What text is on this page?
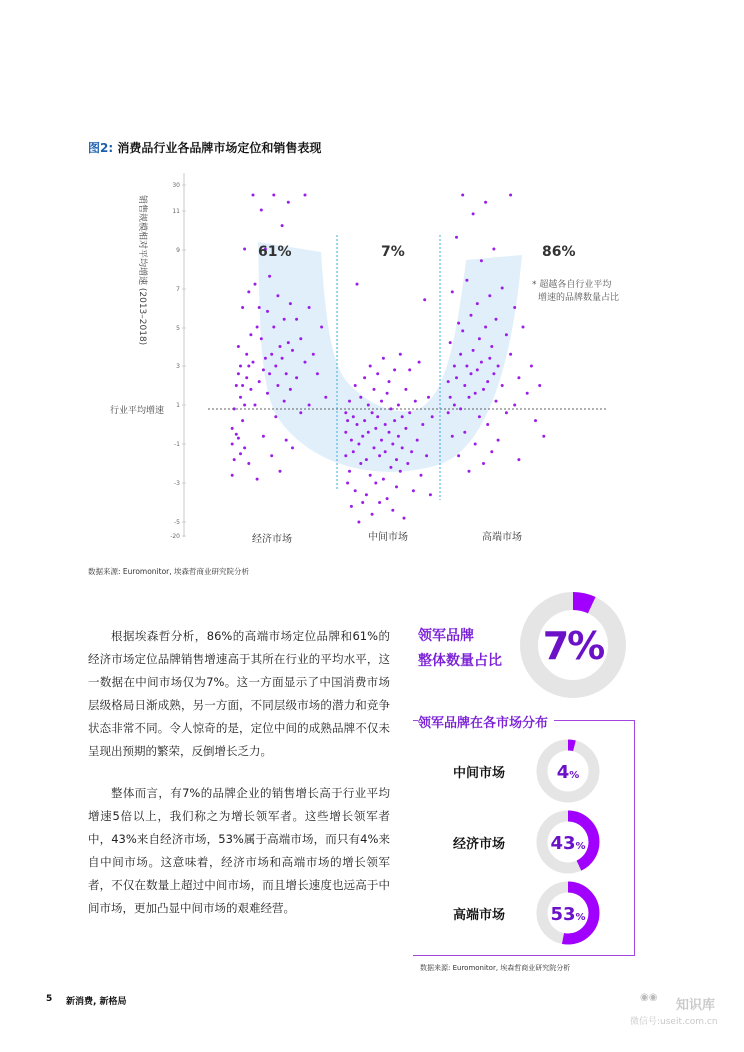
图2: 消费品行业各品牌市场定位和销售表现
30
11
9
7
5
3
1
-1
-3
-5
-20
行业平均增速
销售规模相对平均增速 (2013–2018)	61%	7%	86%
* 超越各自行业平均
增速的品牌数量占比
经济市场	中间市场	高端市场
数据来源: Euromonitor, 埃森哲商业研究院分析

根据埃森哲分析，86%的高端市场定位品牌和61%的经济市场定位品牌销售增速高于其所在行业的平均水平，这一数据在中间市场仅为7%。这一方面显示了中国消费市场层级格局日渐成熟，另一方面，不同层级市场的潜力和竞争状态非常不同。令人惊奇的是，定位中间的成熟品牌不仅未呈现出预期的繁荣，反倒增长乏力。

整体而言，有7%的品牌企业的销售增长高于行业平均增速5倍以上，我们称之为增长领军者。这些增长领军者中，43%来自经济市场，53%属于高端市场，而只有4%来自中间市场。这意味着，经济市场和高端市场的增长领军者，不仅在数量上超过中间市场，而且增长速度也远高于中间市场，更加凸显中间市场的艰难经营。

领军品牌
整体数量占比 7%
领军品牌在各市场分布
中间市场
经济市场
高端市场
4%
43%
53%
数据来源: Euromonitor, 埃森哲商业研究院分析
5 新消费, 新格局	◉◉
知识库
微信号:useit.com.cn
